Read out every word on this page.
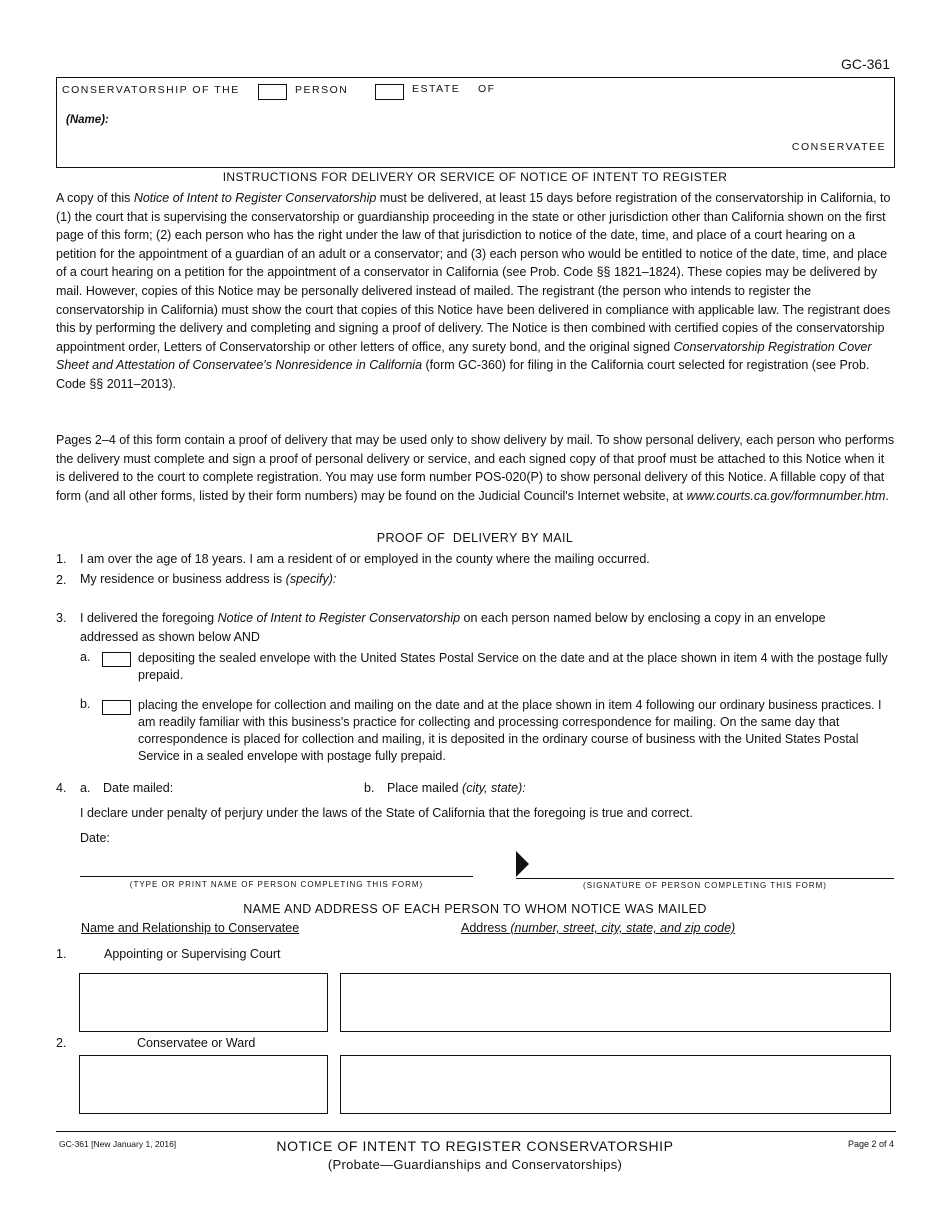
GC-361
CONSERVATORSHIP OF THE	PERSON	ESTATE OF
(Name):
CONSERVATEE
INSTRUCTIONS FOR DELIVERY OR SERVICE OF NOTICE OF INTENT TO REGISTER
A copy of this Notice of Intent to Register Conservatorship must be delivered, at least 15 days before registration of the conservatorship in California, to (1) the court that is supervising the conservatorship or guardianship proceeding in the state or other jurisdiction other than California shown on the first page of this form; (2) each person who has the right under the law of that jurisdiction to notice of the date, time, and place of a court hearing on a petition for the appointment of a guardian of an adult or a conservator; and (3) each person who would be entitled to notice of the date, time, and place of a court hearing on a petition for the appointment of a conservator in California (see Prob. Code §§ 1821–1824). These copies may be delivered by mail. However, copies of this Notice may be personally delivered instead of mailed. The registrant (the person who intends to register the conservatorship in California) must show the court that copies of this Notice have been delivered in compliance with applicable law. The registrant does this by performing the delivery and completing and signing a proof of delivery. The Notice is then combined with certified copies of the conservatorship appointment order, Letters of Conservatorship or other letters of office, any surety bond, and the original signed Conservatorship Registration Cover Sheet and Attestation of Conservatee's Nonresidence in California (form GC-360) for filing in the California court selected for registration (see Prob. Code §§ 2011–2013).
Pages 2–4 of this form contain a proof of delivery that may be used only to show delivery by mail. To show personal delivery, each person who performs the delivery must complete and sign a proof of personal delivery or service, and each signed copy of that proof must be attached to this Notice when it is delivered to the court to complete registration. You may use form number POS-020(P) to show personal delivery of this Notice. A fillable copy of that form (and all other forms, listed by their form numbers) may be found on the Judicial Council's Internet website, at www.courts.ca.gov/formnumber.htm.
PROOF OF  DELIVERY BY MAIL
1. I am over the age of 18 years. I am a resident of or employed in the county where the mailing occurred.
2. My residence or business address is (specify):
3. I delivered the foregoing Notice of Intent to Register Conservatorship on each person named below by enclosing a copy in an envelope addressed as shown below AND
a.	depositing the sealed envelope with the United States Postal Service on the date and at the place shown in item 4 with the postage fully prepaid.
b.	placing the envelope for collection and mailing on the date and at the place shown in item 4 following our ordinary business practices. I am readily familiar with this business's practice for collecting and processing correspondence for mailing. On the same day that correspondence is placed for collection and mailing, it is deposited in the ordinary course of business with the United States Postal Service in a sealed envelope with postage fully prepaid.
4. a. Date mailed:	b. Place mailed (city, state):
I declare under penalty of perjury under the laws of the State of California that the foregoing is true and correct.
Date:
(TYPE OR PRINT NAME OF PERSON COMPLETING THIS FORM)	(SIGNATURE OF PERSON COMPLETING THIS FORM)
NAME AND ADDRESS OF EACH PERSON TO WHOM NOTICE WAS MAILED
Name and Relationship to Conservatee	Address (number, street, city, state, and zip code)
1.	Appointing or Supervising Court
2.	Conservatee or Ward
GC-361 [New January 1, 2016]	NOTICE OF INTENT TO REGISTER CONSERVATORSHIP
(Probate—Guardianships and Conservatorships)
Page 2 of 4
